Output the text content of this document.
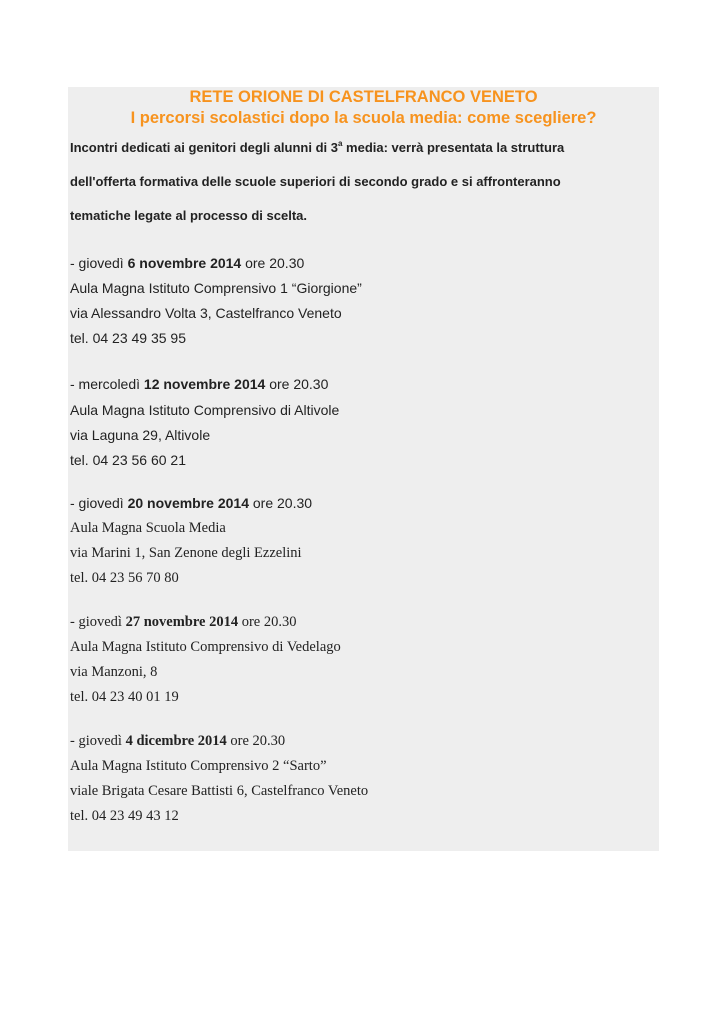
RETE ORIONE DI CASTELFRANCO VENETO
I percorsi scolastici dopo la scuola media: come scegliere?
Incontri dedicati ai genitori degli alunni di 3$^a$ media: verrà presentata la struttura
dell'offerta formativa delle scuole superiori di secondo grado e si affronteranno
tematiche legate al processo di scelta.
- giovedì 6 novembre 2014 ore 20.30
Aula Magna Istituto Comprensivo 1 “Giorgione”
via Alessandro Volta 3, Castelfranco Veneto
tel. 04 23 49 35 95
- mercoledì 12 novembre 2014 ore 20.30
Aula Magna Istituto Comprensivo di Altivole
via Laguna 29, Altivole
tel. 04 23 56 60 21
- giovedì 20 novembre 2014 ore 20.30
Aula Magna Scuola Media
via Marini 1, San Zenone degli Ezzelini
tel. 04 23 56 70 80
- giovedì 27 novembre 2014 ore 20.30
Aula Magna Istituto Comprensivo di Vedelago
via Manzoni, 8
tel. 04 23 40 01 19
- giovedì 4 dicembre 2014 ore 20.30
Aula Magna Istituto Comprensivo 2 “Sarto”
viale Brigata Cesare Battisti 6, Castelfranco Veneto
tel. 04 23 49 43 12
